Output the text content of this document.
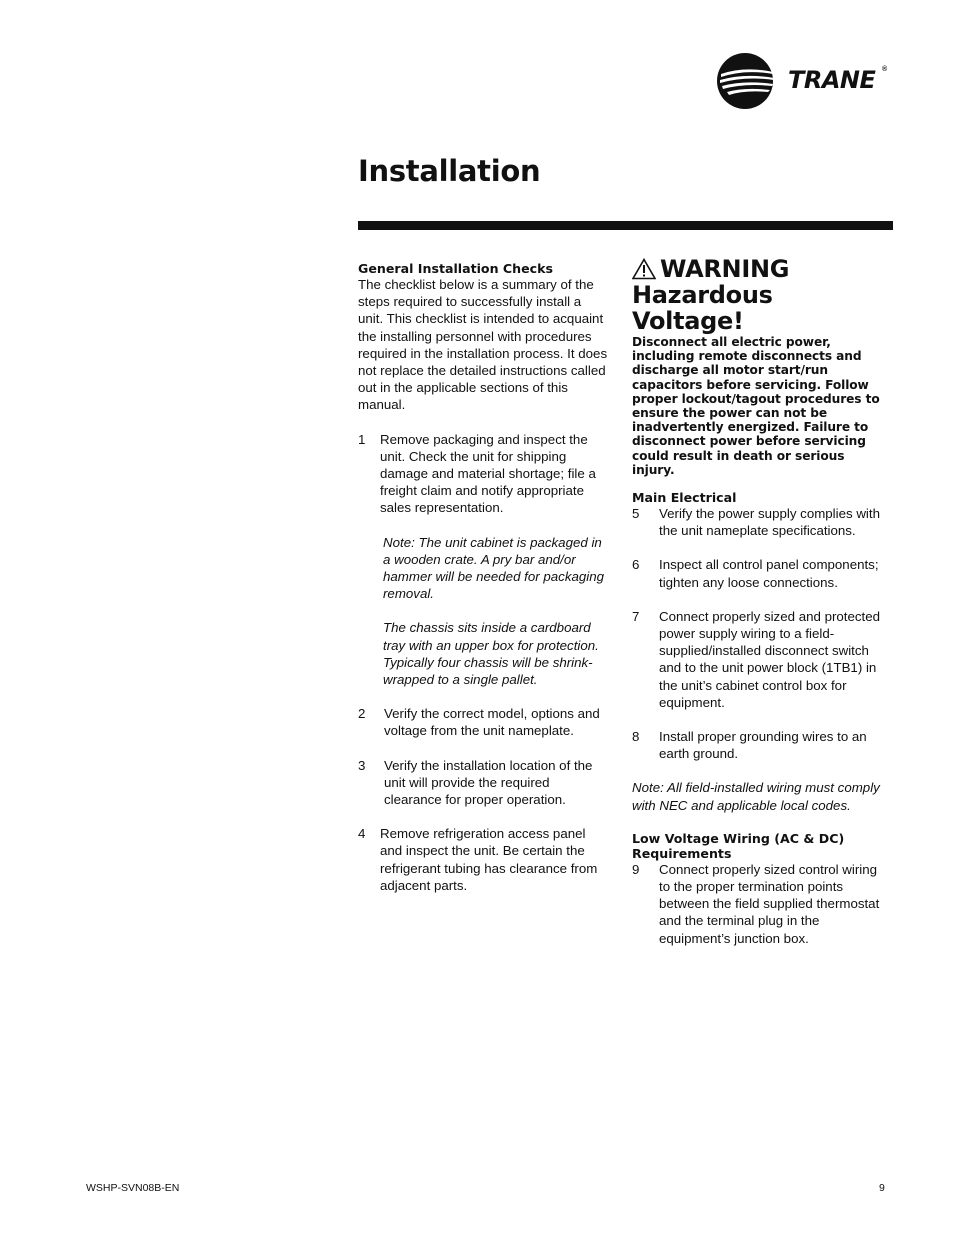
TRANE ®
Installation

General Installation Checks

The checklist below is a summary of the steps required to successfully install a unit. This checklist is intended to acquaint the installing personnel with procedures required in the installation process. It does not replace the detailed instructions called out in the applicable sections of this manual.

1	Remove packaging and inspect the unit. Check the unit for shipping damage and material shortage; file a freight claim and notify appropriate sales representation.

Note: The unit cabinet is packaged in a wooden crate. A pry bar and/or hammer will be needed for packaging removal.

The chassis sits inside a cardboard tray with an upper box for protection. Typically four chassis will be shrink-wrapped to a single pallet.

2	Verify the correct model, options and voltage from the unit nameplate.
3	Verify the installation location of the unit will provide the required clearance for proper operation.
4	Remove refrigeration access panel and inspect the unit. Be certain the refrigerant tubing has clearance from adjacent parts.

WARNING

Hazardous

Voltage!

Disconnect all electric power, including remote disconnects and discharge all motor start/run capacitors before servicing. Follow proper lockout/tagout procedures to ensure the power can not be inadvertently energized. Failure to disconnect power before servicing could result in death or serious injury.

Main Electrical

5	Verify the power supply complies with the unit nameplate specifications.
6	Inspect all control panel components; tighten any loose connections.
7	Connect properly sized and protected power supply wiring to a field-supplied/installed disconnect switch and to the unit power block (1TB1) in the unit’s cabinet control box for equipment.
8	Install proper grounding wires to an earth ground.

Note: All field-installed wiring must comply with NEC and applicable local codes.

Low Voltage Wiring (AC & DC) Requirements

9	Connect properly sized control wiring to the proper termination points between the field supplied thermostat and the terminal plug in the equipment’s junction box.
WSHP-SVN08B-EN	9
